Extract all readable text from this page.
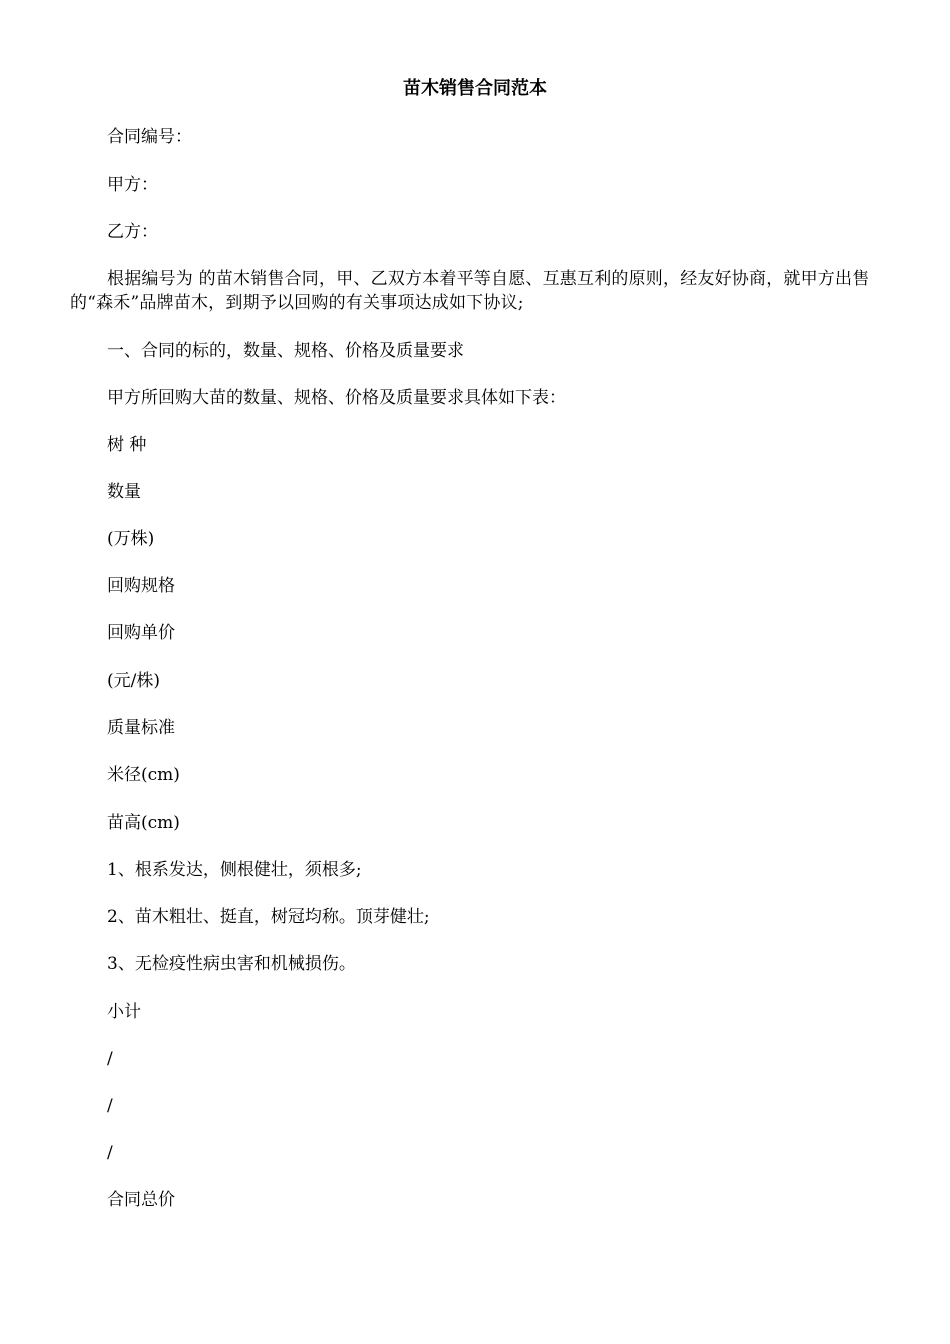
苗木销售合同范本
合同编号：
甲方：
乙方：
根据编号为 的苗木销售合同，甲、乙双方本着平等自愿、互惠互利的原则，经友好协商，就甲方出售的“森禾”品牌苗木，到期予以回购的有关事项达成如下协议;
一、合同的标的，数量、规格、价格及质量要求
甲方所回购大苗的数量、规格、价格及质量要求具体如下表：
树 种
数量
(万株)
回购规格
回购单价
(元/株)
质量标准
米径(cm)
苗高(cm)
1、根系发达，侧根健壮，须根多;
2、苗木粗壮、挺直，树冠均称。顶芽健壮;
3、无检疫性病虫害和机械损伤。
小计
/
/
/
合同总价
